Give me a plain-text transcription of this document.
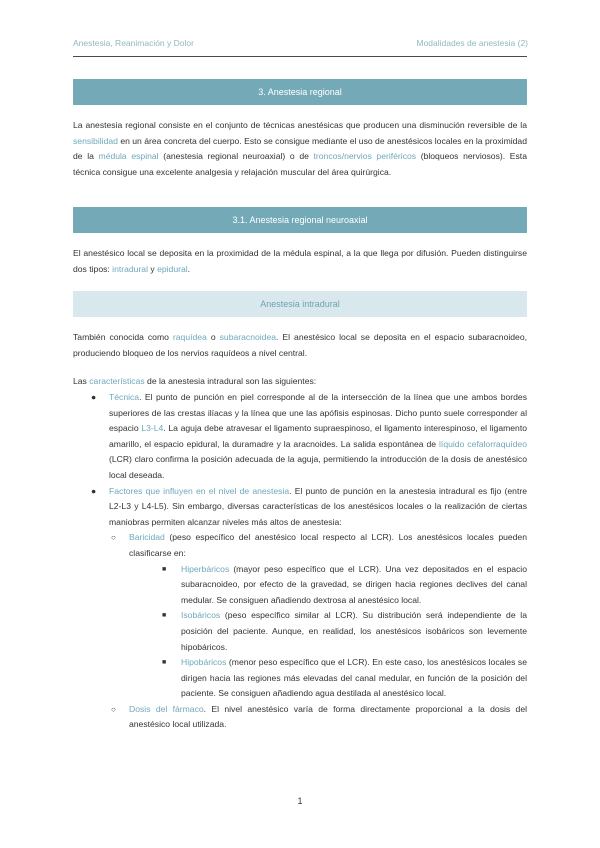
Anestesia, Reanimación y Dolor	Modalidades de anestesia (2)
3. Anestesia regional
La anestesia regional consiste en el conjunto de técnicas anestésicas que producen una disminución reversible de la sensibilidad en un área concreta del cuerpo. Esto se consigue mediante el uso de anestésicos locales en la proximidad de la médula espinal (anestesia regional neuroaxial) o de troncos/nervios periféricos (bloqueos nerviosos). Esta técnica consigue una excelente analgesia y relajación muscular del área quirúrgica.
3.1. Anestesia regional neuroaxial
El anestésico local se deposita en la proximidad de la médula espinal, a la que llega por difusión. Pueden distinguirse dos tipos: intradural y epidural.
Anestesia intradural
También conocida como raquídea o subaracnoidea. El anestésico local se deposita en el espacio subaracnoideo, produciendo bloqueo de los nervios raquídeos a nivel central.
Las características de la anestesia intradural son las siguientes:
● Técnica. El punto de punción en piel corresponde al de la intersección de la línea que une ambos bordes superiores de las crestas ilíacas y la línea que une las apófisis espinosas. Dicho punto suele corresponder al espacio L3-L4. La aguja debe atravesar el ligamento supraespinoso, el ligamento interespinoso, el ligamento amarillo, el espacio epidural, la duramadre y la aracnoides. La salida espontánea de líquido cefalorraquídeo (LCR) claro confirma la posición adecuada de la aguja, permitiendo la introducción de la dosis de anestésico local deseada.
● Factores que influyen en el nivel de anestesia. El punto de punción en la anestesia intradural es fijo (entre L2-L3 y L4-L5). Sin embargo, diversas características de los anestésicos locales o la realización de ciertas maniobras permiten alcanzar niveles más altos de anestesia:
○ Baricidad (peso específico del anestésico local respecto al LCR). Los anestésicos locales pueden clasificarse en:
■ Hiperbáricos (mayor peso específico que el LCR). Una vez depositados en el espacio subaracnoideo, por efecto de la gravedad, se dirigen hacia regiones declives del canal medular. Se consiguen añadiendo dextrosa al anestésico local.
■ Isobáricos (peso específico similar al LCR). Su distribución será independiente de la posición del paciente. Aunque, en realidad, los anestésicos isobáricos son levemente hipobáricos.
■ Hipobáricos (menor peso específico que el LCR). En este caso, los anestésicos locales se dirigen hacia las regiones más elevadas del canal medular, en función de la posición del paciente. Se consiguen añadiendo agua destilada al anestésico local.
○ Dosis del fármaco. El nivel anestésico varía de forma directamente proporcional a la dosis del anestésico local utilizada.
1
